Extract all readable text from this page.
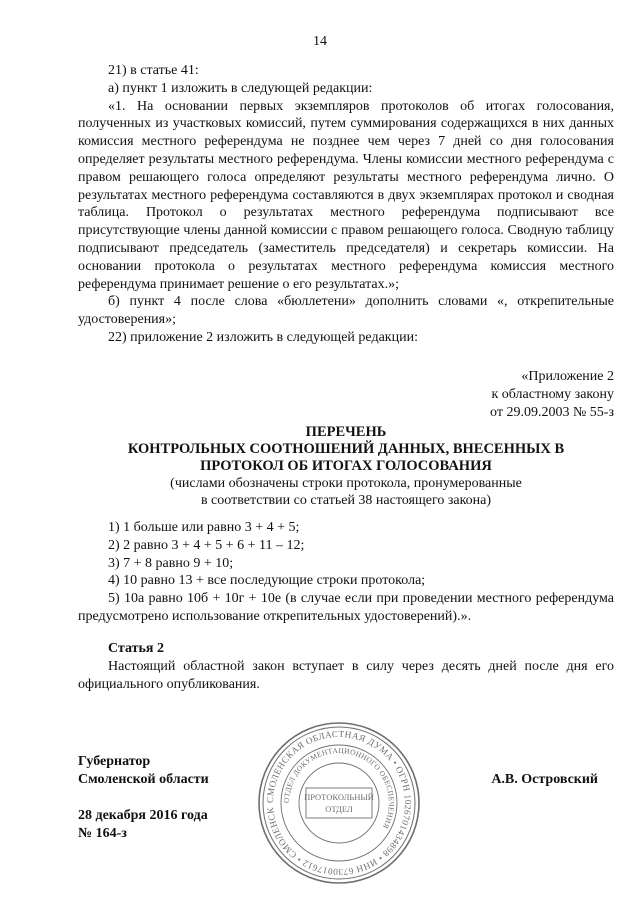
14

21) в статье 41:

а) пункт 1 изложить в следующей редакции:

«1. На основании первых экземпляров протоколов об итогах голосования, полученных из участковых комиссий, путем суммирования содержащихся в них данных комиссия местного референдума не позднее чем через 7 дней со дня голосования определяет результаты местного референдума. Члены комиссии местного референдума с правом решающего голоса определяют результаты местного референдума лично. О результатах местного референдума составляются в двух экземплярах протокол и сводная таблица. Протокол о результатах местного референдума подписывают все присутствующие члены данной комиссии с правом решающего голоса. Сводную таблицу подписывают председатель (заместитель председателя) и секретарь комиссии. На основании протокола о результатах местного референдума комиссия местного референдума принимает решение о его результатах.»;

б) пункт 4 после слова «бюллетени» дополнить словами «, открепительные удостоверения»;

22) приложение 2 изложить в следующей редакции:

«Приложение 2

к областному закону

от 29.09.2003 № 55-з

ПЕРЕЧЕНЬ
КОНТРОЛЬНЫХ СООТНОШЕНИЙ ДАННЫХ, ВНЕСЕННЫХ В
ПРОТОКОЛ ОБ ИТОГАХ ГОЛОСОВАНИЯ

(числами обозначены строки протокола, пронумерованные

в соответствии со статьей 38 настоящего закона)

1) 1 больше или равно 3 + 4 + 5;

2) 2 равно 3 + 4 + 5 + 6 + 11 – 12;

3) 7 + 8 равно 9 + 10;

4) 10 равно 13 + все последующие строки протокола;

5) 10а равно 10б + 10г + 10е (в случае если при проведении местного референдума предусмотрено использование открепительных удостоверений).».

Статья 2

Настоящий областной закон вступает в силу через десять дней после дня его официального опубликования.

Губернатор
Смоленской области	А.В. Островский
28 декабря 2016 года
№ 164-з
СМОЛЕНСКАЯ ОБЛАСТНАЯ ДУМА • ОГРН 1026701434898 • ИНН 6730017612 • СМОЛЕНСК
ОТДЕЛ ДОКУМЕНТАЦИОННОГО ОБЕСПЕЧЕНИЯ
ПРОТОКОЛЬНЫЙ
ОТДЕЛ
